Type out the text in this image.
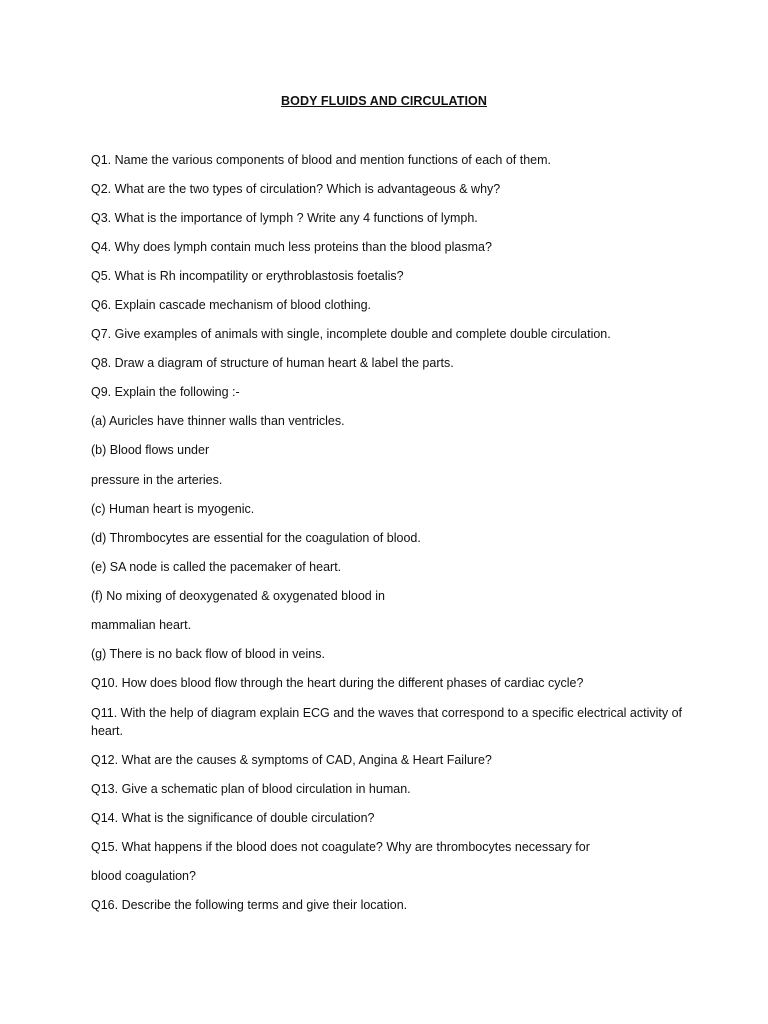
BODY FLUIDS AND CIRCULATION
Q1. Name the various components of blood and mention functions of each of them.
Q2. What are the two types of circulation? Which is advantageous & why?
Q3. What is the importance of lymph ? Write any 4 functions of lymph.
Q4. Why does lymph contain much less proteins than the blood plasma?
Q5. What is Rh incompatility or erythroblastosis foetalis?
Q6. Explain cascade mechanism of blood clothing.
Q7. Give examples of animals with single, incomplete double and complete double circulation.
Q8. Draw a diagram of structure of human heart & label the parts.
Q9. Explain the following :-
(a) Auricles have thinner walls than ventricles.
(b) Blood flows under
pressure in the arteries.
(c) Human heart is myogenic.
(d) Thrombocytes are essential for the coagulation of blood.
(e) SA node is called the pacemaker of heart.
(f) No mixing of deoxygenated & oxygenated blood in
mammalian heart.
(g) There is no back flow of blood in veins.
Q10. How does blood flow through the heart during the different phases of cardiac cycle?
Q11. With the help of diagram explain ECG and the waves that correspond to a specific electrical activity of heart.
Q12. What are the causes & symptoms of CAD, Angina & Heart Failure?
Q13. Give a schematic plan of blood circulation in human.
Q14. What is the significance of double circulation?
Q15. What happens if the blood does not coagulate? Why are thrombocytes necessary for
blood coagulation?
Q16. Describe the following terms and give their location.
